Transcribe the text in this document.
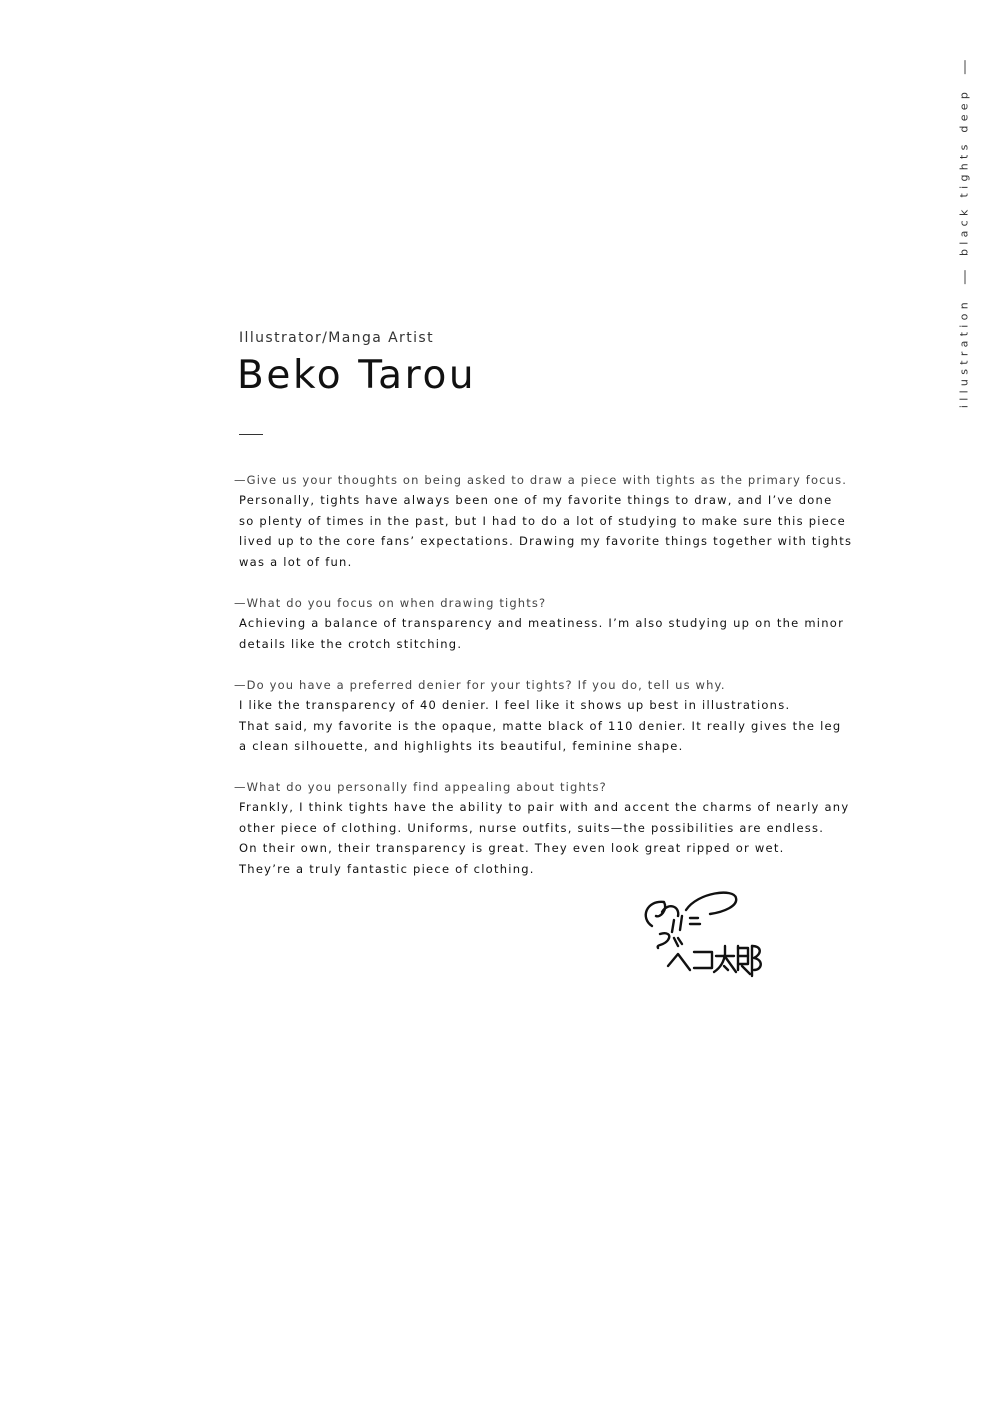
illustrationblack tights deep
Illustrator/Manga Artist
Beko Tarou
—Give us your thoughts on being asked to draw a piece with tights as the primary focus.
Personally, tights have always been one of my favorite things to draw, and I’ve done
so plenty of times in the past, but I had to do a lot of studying to make sure this piece
lived up to the core fans’ expectations. Drawing my favorite things together with tights
was a lot of fun.
—What do you focus on when drawing tights?
Achieving a balance of transparency and meatiness. I’m also studying up on the minor
details like the crotch stitching.
—Do you have a preferred denier for your tights? If you do, tell us why.
I like the transparency of 40 denier. I feel like it shows up best in illustrations.
That said, my favorite is the opaque, matte black of 110 denier. It really gives the leg
a clean silhouette, and highlights its beautiful, feminine shape.
—What do you personally find appealing about tights?
Frankly, I think tights have the ability to pair with and accent the charms of nearly any
other piece of clothing. Uniforms, nurse outfits, suits—the possibilities are endless.
On their own, their transparency is great. They even look great ripped or wet.
They’re a truly fantastic piece of clothing.
